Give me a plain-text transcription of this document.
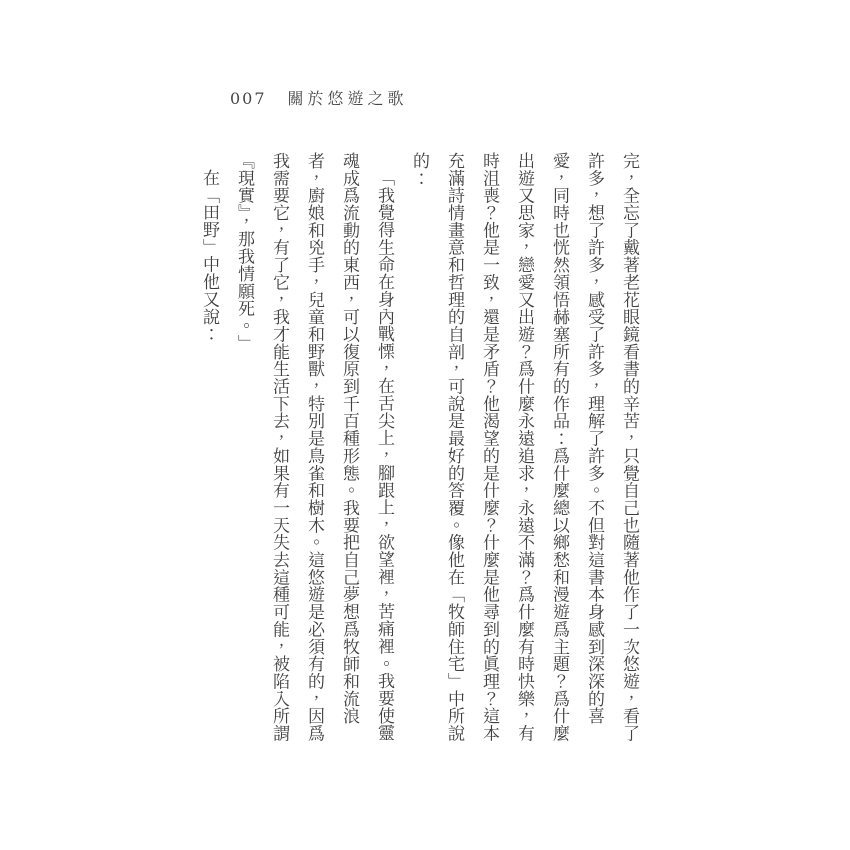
007 關於悠遊之歌

完，全忘了戴著老花眼鏡看書的辛苦，只覺自己也隨著他作了一次悠遊，看了許多，想了許多，感受了許多，理解了許多。不但對這書本身感到深深的喜愛，同時也恍然領悟赫塞所有的作品：爲什麼總以鄉愁和漫遊爲主題？爲什麼出遊又思家，戀愛又出遊？爲什麼永遠追求，永遠不滿？爲什麼有時快樂，有時沮喪？他是一致，還是矛盾？他渴望的是什麼？什麼是他尋到的眞理？這本充滿詩情畫意和哲理的自剖，可說是最好的答覆。像他在「牧師住宅」中所說的：

「我覺得生命在身內戰慄，在舌尖上，腳跟上，欲望裡，苦痛裡。我要使靈魂成爲流動的東西，可以復原到千百種形態。我要把自己夢想爲牧師和流浪者，廚娘和兇手，兒童和野獸，特別是鳥雀和樹木。這悠遊是必須有的，因爲我需要它，有了它，我才能生活下去，如果有一天失去這種可能，被陷入所謂『現實』，那我情願死。」

在「田野」中他又說：
